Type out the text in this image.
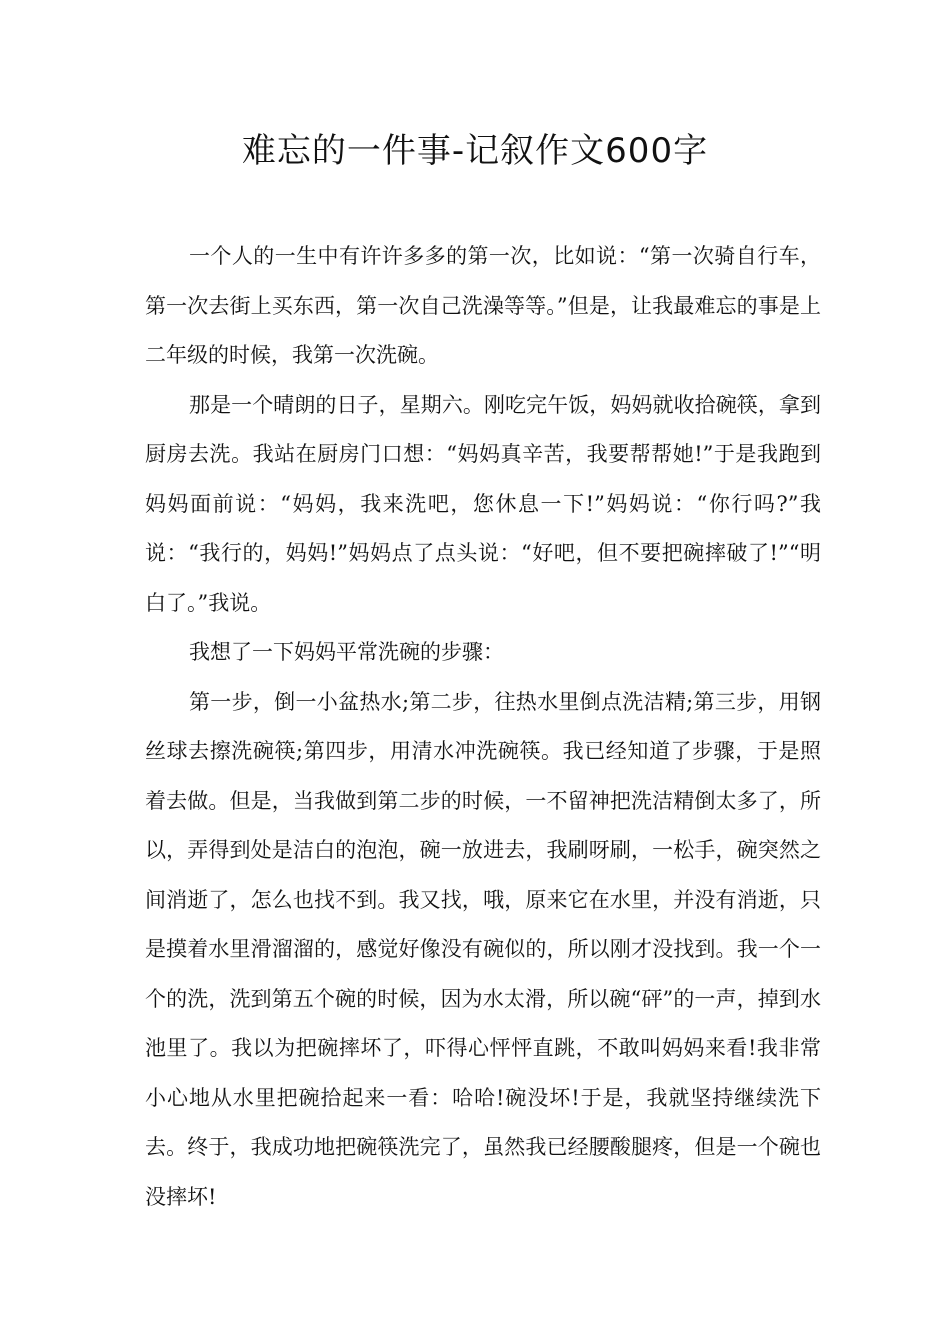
难忘的一件事-记叙作文600字

一个人的一生中有许许多多的第一次，比如说：“第一次骑自行车，第一次去街上买东西，第一次自己洗澡等等。”但是，让我最难忘的事是上二年级的时候，我第一次洗碗。

那是一个晴朗的日子，星期六。刚吃完午饭，妈妈就收拾碗筷，拿到厨房去洗。我站在厨房门口想：“妈妈真辛苦，我要帮帮她!”于是我跑到妈妈面前说：“妈妈，我来洗吧，您休息一下!”妈妈说：“你行吗?”我说：“我行的，妈妈!”妈妈点了点头说：“好吧，但不要把碗摔破了!”“明白了。”我说。

我想了一下妈妈平常洗碗的步骤：

第一步，倒一小盆热水;第二步，往热水里倒点洗洁精;第三步，用钢丝球去擦洗碗筷;第四步，用清水冲洗碗筷。我已经知道了步骤，于是照着去做。但是，当我做到第二步的时候，一不留神把洗洁精倒太多了，所以，弄得到处是洁白的泡泡，碗一放进去，我刷呀刷，一松手，碗突然之间消逝了，怎么也找不到。我又找，哦，原来它在水里，并没有消逝，只是摸着水里滑溜溜的，感觉好像没有碗似的，所以刚才没找到。我一个一个的洗，洗到第五个碗的时候，因为水太滑，所以碗“砰”的一声，掉到水池里了。我以为把碗摔坏了，吓得心怦怦直跳，不敢叫妈妈来看!我非常小心地从水里把碗拾起来一看：哈哈!碗没坏!于是，我就坚持继续洗下去。终于，我成功地把碗筷洗完了，虽然我已经腰酸腿疼，但是一个碗也没摔坏!
